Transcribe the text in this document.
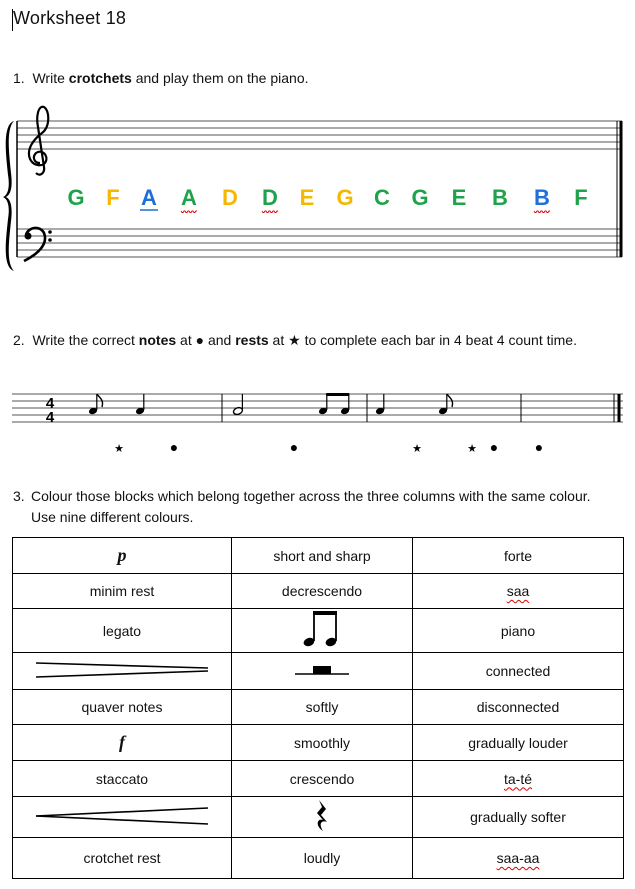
Worksheet 18
1. Write crotchets and play them on the piano.
G F A A D D E G C G E B B F
2. Write the correct notes at ● and rests at ★ to complete each bar in 4 beat 4 count time.
4
4
★	●	●	★	★ ●	●
3. Colour those blocks which belong together across the three columns with the same colour. Use nine different colours.
p	short and sharp	forte
minim rest	decrescendo	saa
legato		piano
		connected
quaver notes	softly	disconnected
f	smoothly	gradually louder
staccato	crescendo	ta-té
		gradually softer
crotchet rest	loudly	saa-aa
